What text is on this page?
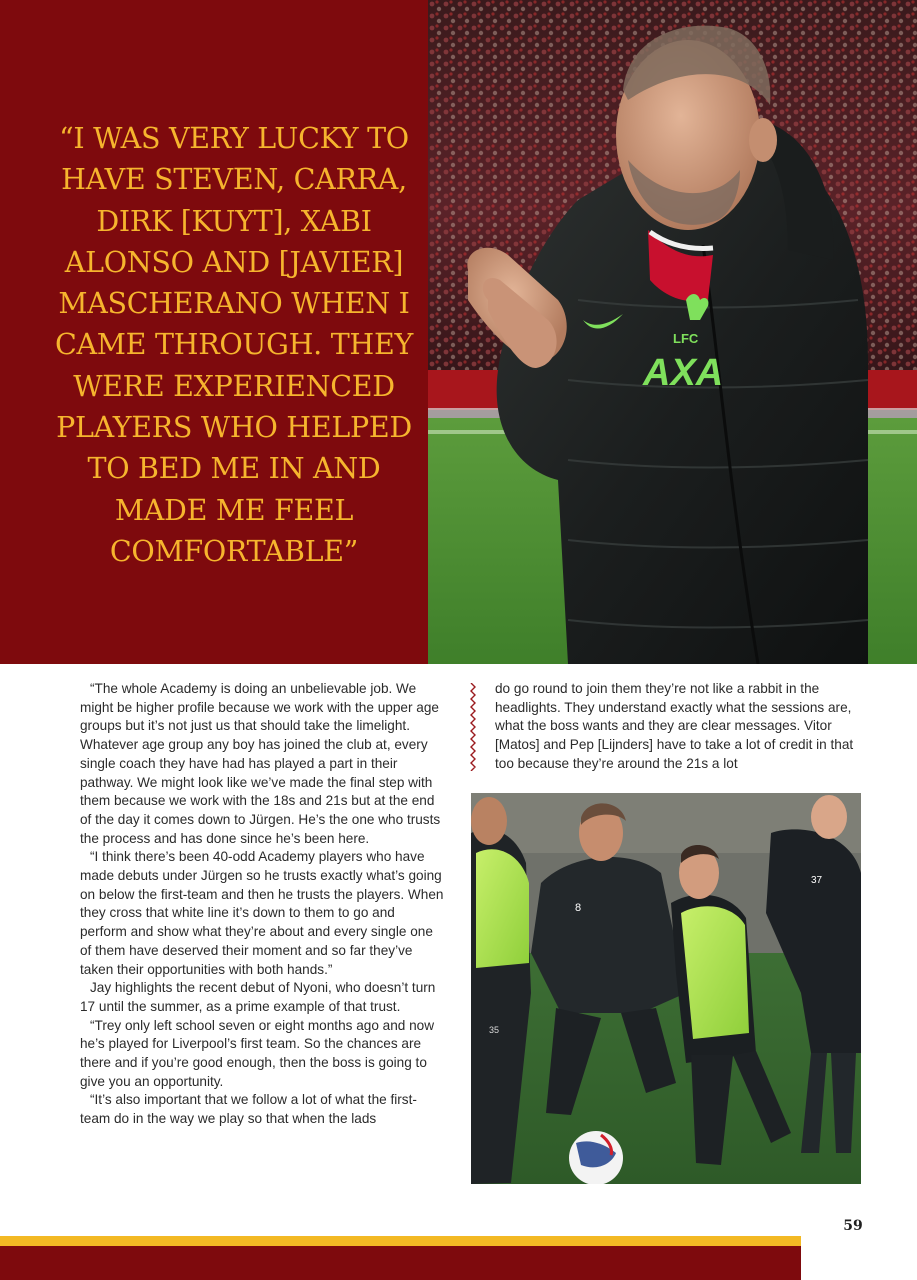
“I WAS VERY LUCKY TO HAVE STEVEN, CARRA, DIRK [KUYT], XABI ALONSO AND [JAVIER] MASCHERANO WHEN I CAME THROUGH. THEY WERE EXPERIENCED PLAYERS WHO HELPED TO BED ME IN AND MADE ME FEEL COMFORTABLE”
LFC
AXA

“The whole Academy is doing an unbelievable job. We might be higher profile because we work with the upper age groups but it’s not just us that should take the limelight. Whatever age group any boy has joined the club at, every single coach they have had has played a part in their pathway. We might look like we’ve made the final step with them because we work with the 18s and 21s but at the end of the day it comes down to Jürgen. He’s the one who trusts the process and has done since he’s been here.

“I think there’s been 40-odd Academy players who have made debuts under Jürgen so he trusts exactly what’s going on below the first-team and then he trusts the players. When they cross that white line it’s down to them to go and perform and show what they’re about and every single one of them have deserved their moment and so far they’ve taken their opportunities with both hands.”

Jay highlights the recent debut of Nyoni, who doesn’t turn 17 until the summer, as a prime example of that trust.

“Trey only left school seven or eight months ago and now he’s played for Liverpool’s first team. So the chances are there and if you’re good enough, then the boss is going to give you an opportunity.

“It’s also important that we follow a lot of what the first-team do in the way we play so that when the lads

do go round to join them they’re not like a rabbit in the headlights. They understand exactly what the sessions are, what the boss wants and they are clear messages. Vitor [Matos] and Pep [Lijnders] have to take a lot of credit in that too because they’re around the 21s a lot

37
8
35
59
